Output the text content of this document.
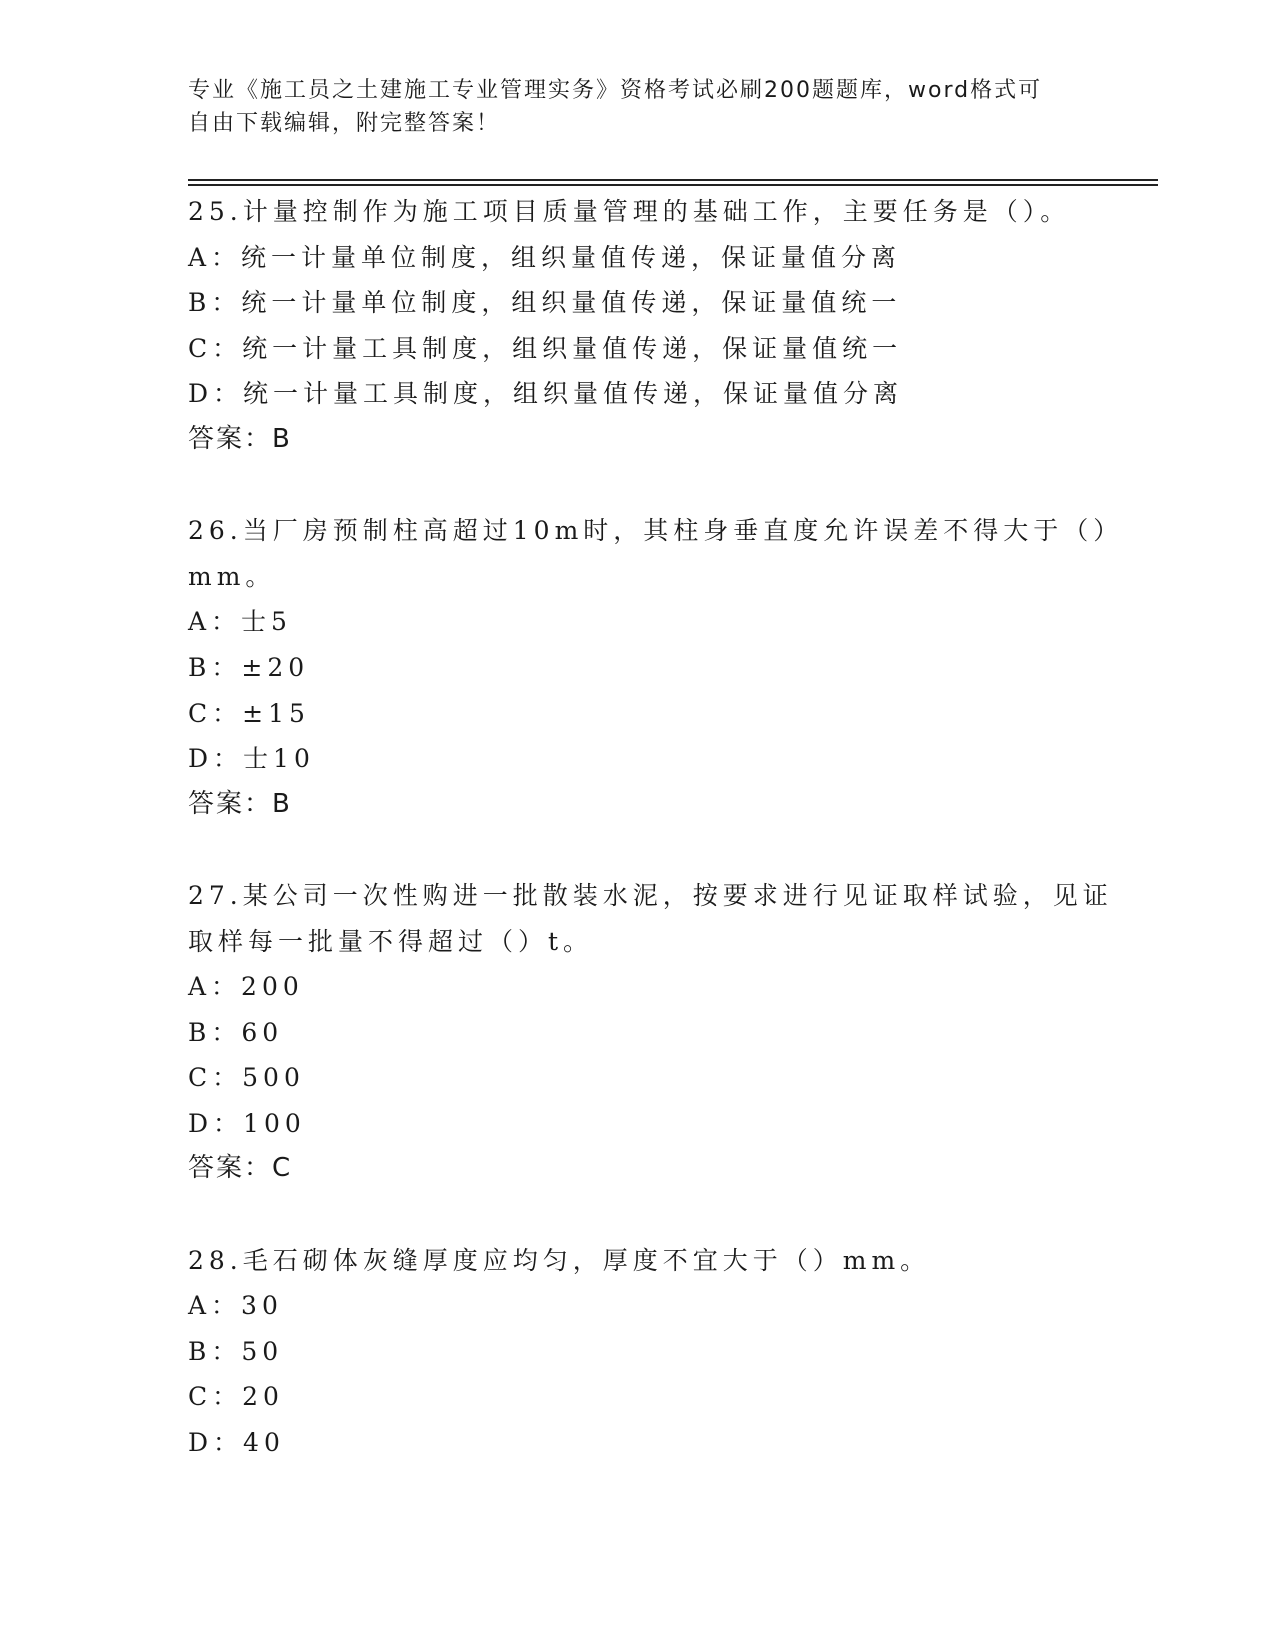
专业《施工员之土建施工专业管理实务》资格考试必刷200题题库，word格式可
自由下载编辑，附完整答案！
25.计量控制作为施工项目质量管理的基础工作，主要任务是（）。
A：统一计量单位制度，组织量值传递，保证量值分离
B：统一计量单位制度，组织量值传递，保证量值统一
C：统一计量工具制度，组织量值传递，保证量值统一
D：统一计量工具制度，组织量值传递，保证量值分离
答案：B
26.当厂房预制柱高超过10m时，其柱身垂直度允许误差不得大于（）
mm。
A：士5
B：±20
C：±15
D：士10
答案：B
27.某公司一次性购进一批散装水泥，按要求进行见证取样试验，见证
取样每一批量不得超过（）t。
A：200
B：60
C：500
D：100
答案：C
28.毛石砌体灰缝厚度应均匀，厚度不宜大于（）mm。
A：30
B：50
C：20
D：40
